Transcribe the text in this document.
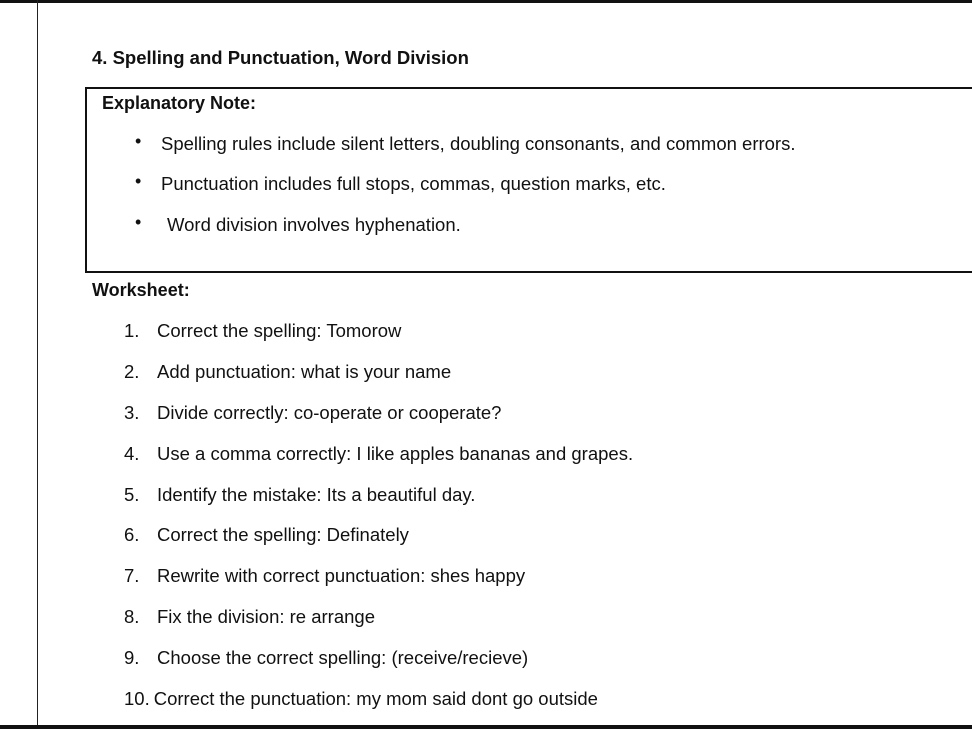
4. Spelling and Punctuation, Word Division
Explanatory Note:
• Spelling rules include silent letters, doubling consonants, and common errors.
• Punctuation includes full stops, commas, question marks, etc.
• Word division involves hyphenation.
Worksheet:
1. Correct the spelling: Tomorow
2. Add punctuation: what is your name
3. Divide correctly: co-operate or cooperate?
4. Use a comma correctly: I like apples bananas and grapes.
5. Identify the mistake: Its a beautiful day.
6. Correct the spelling: Definately
7. Rewrite with correct punctuation: shes happy
8. Fix the division: re arrange
9. Choose the correct spelling: (receive/recieve)
10. Correct the punctuation: my mom said dont go outside
